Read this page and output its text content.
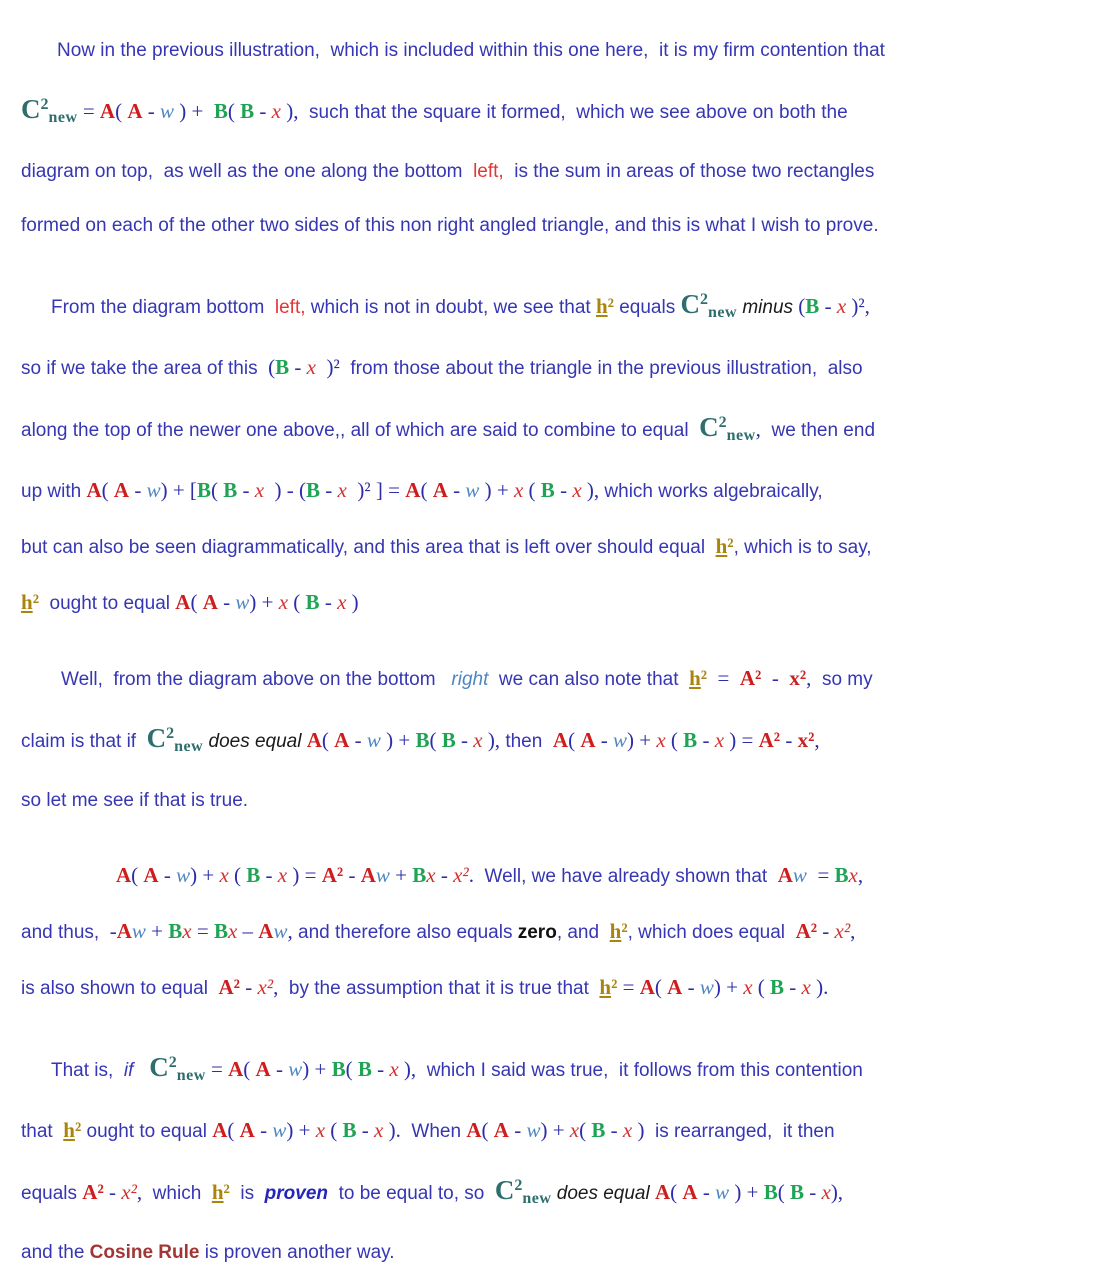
Now in the previous illustration,  which is included within this one here,  it is my firm contention that
$C^2_{new} = A$( A - w ) +  B( B - x ),  such that the square it formed,  which we see above on both the
diagram on top,  as well as the one along the bottom  left,  is the sum in areas of those two rectangles
formed on each of the other two sides of this non right angled triangle, and this is what I wish to prove.
From the diagram bottom  left, which is not in doubt, we see that h² equals $C^2_{new}$ minus (B - x )²,
so if we take the area of this  (B - x  )²  from those about the triangle in the previous illustration,  also
along the top of the newer one above,, all of which are said to combine to equal  $C^2_{new}$,  we then end
up with A( A - w) + [B( B - x  ) - (B - x  )² ] = A( A - w ) + x ( B - x ), which works algebraically,
but can also be seen diagrammatically, and this area that is left over should equal  h², which is to say,
h²  ought to equal A( A - w) + x ( B - x )
Well,  from the diagram above on the bottom   right  we can also note that  h²  =  A²  -  x²,  so my
claim is that if  $C^2_{new}$ does equal A( A - w ) + B( B - x ), then  A( A - w) + x ( B - x ) = A² - x²,
so let me see if that is true.
A( A - w) + x ( B - x ) = A² - Aw + Bx - x².  Well, we have already shown that  Aw  = Bx,
and thus,  -Aw + Bx = Bx – Aw, and therefore also equals zero, and  h², which does equal  A² - x²,
is also shown to equal  A² - x²,  by the assumption that it is true that  h² = A( A - w) + x ( B - x ).
That is,  if $C^2_{new} = A$( A - w) + B( B - x ),  which I said was true,  it follows from this contention
that  h² ought to equal A( A - w) + x ( B - x ).  When A( A - w) + x( B - x )  is rearranged,  it then
equals A² - x²,  which  h²  is  proven  to be equal to, so  $C^2_{new}$ does equal A( A - w ) + B( B - x),
and the Cosine Rule is proven another way.
